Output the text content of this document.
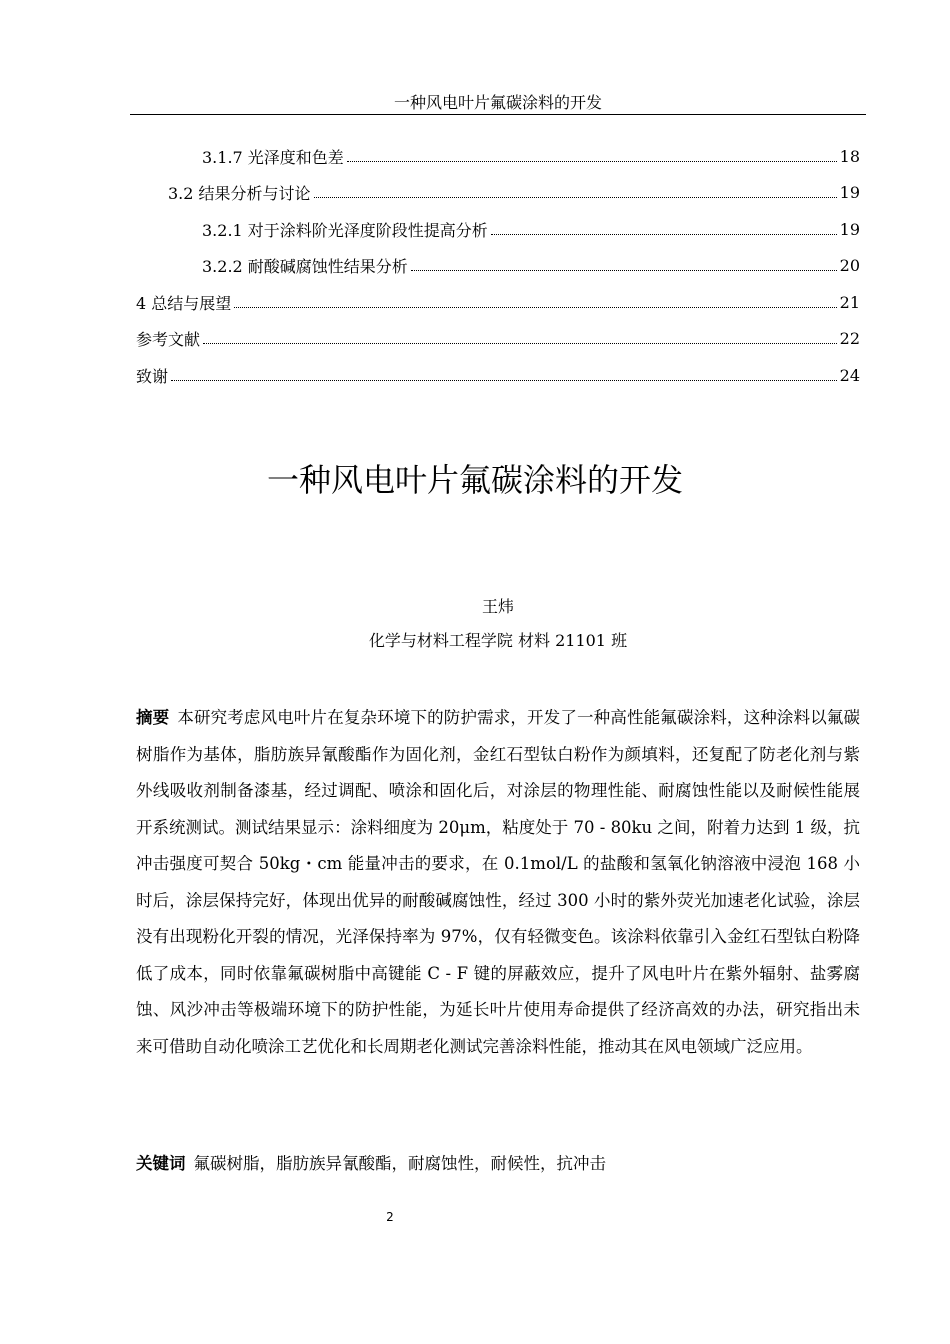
一种风电叶片氟碳涂料的开发
3.1.7 光泽度和色差	18
3.2 结果分析与讨论	19
3.2.1 对于涂料阶光泽度阶段性提高分析	19
3.2.2 耐酸碱腐蚀性结果分析	20
4 总结与展望	21
参考文献	22
致谢	24
一种风电叶片氟碳涂料的开发
王炜
化学与材料工程学院 材料 21101 班
摘要 本研究考虑风电叶片在复杂环境下的防护需求，开发了一种高性能氟碳涂料，这种涂料以氟碳树脂作为基体，脂肪族异氰酸酯作为固化剂，金红石型钛白粉作为颜填料，还复配了防老化剂与紫外线吸收剂制备漆基，经过调配、喷涂和固化后，对涂层的物理性能、耐腐蚀性能以及耐候性能展开系统测试。测试结果显示：涂料细度为 20μm，粘度处于 70 - 80ku 之间，附着力达到 1 级，抗冲击强度可契合 50kg・cm 能量冲击的要求，在 0.1mol/L 的盐酸和氢氧化钠溶液中浸泡 168 小时后，涂层保持完好，体现出优异的耐酸碱腐蚀性，经过 300 小时的紫外荧光加速老化试验，涂层没有出现粉化开裂的情况，光泽保持率为 97%，仅有轻微变色。该涂料依靠引入金红石型钛白粉降低了成本，同时依靠氟碳树脂中高键能 C - F 键的屏蔽效应，提升了风电叶片在紫外辐射、盐雾腐蚀、风沙冲击等极端环境下的防护性能，为延长叶片使用寿命提供了经济高效的办法，研究指出未来可借助自动化喷涂工艺优化和长周期老化测试完善涂料性能，推动其在风电领域广泛应用。
关键词 氟碳树脂，脂肪族异氰酸酯，耐腐蚀性，耐候性，抗冲击
2
